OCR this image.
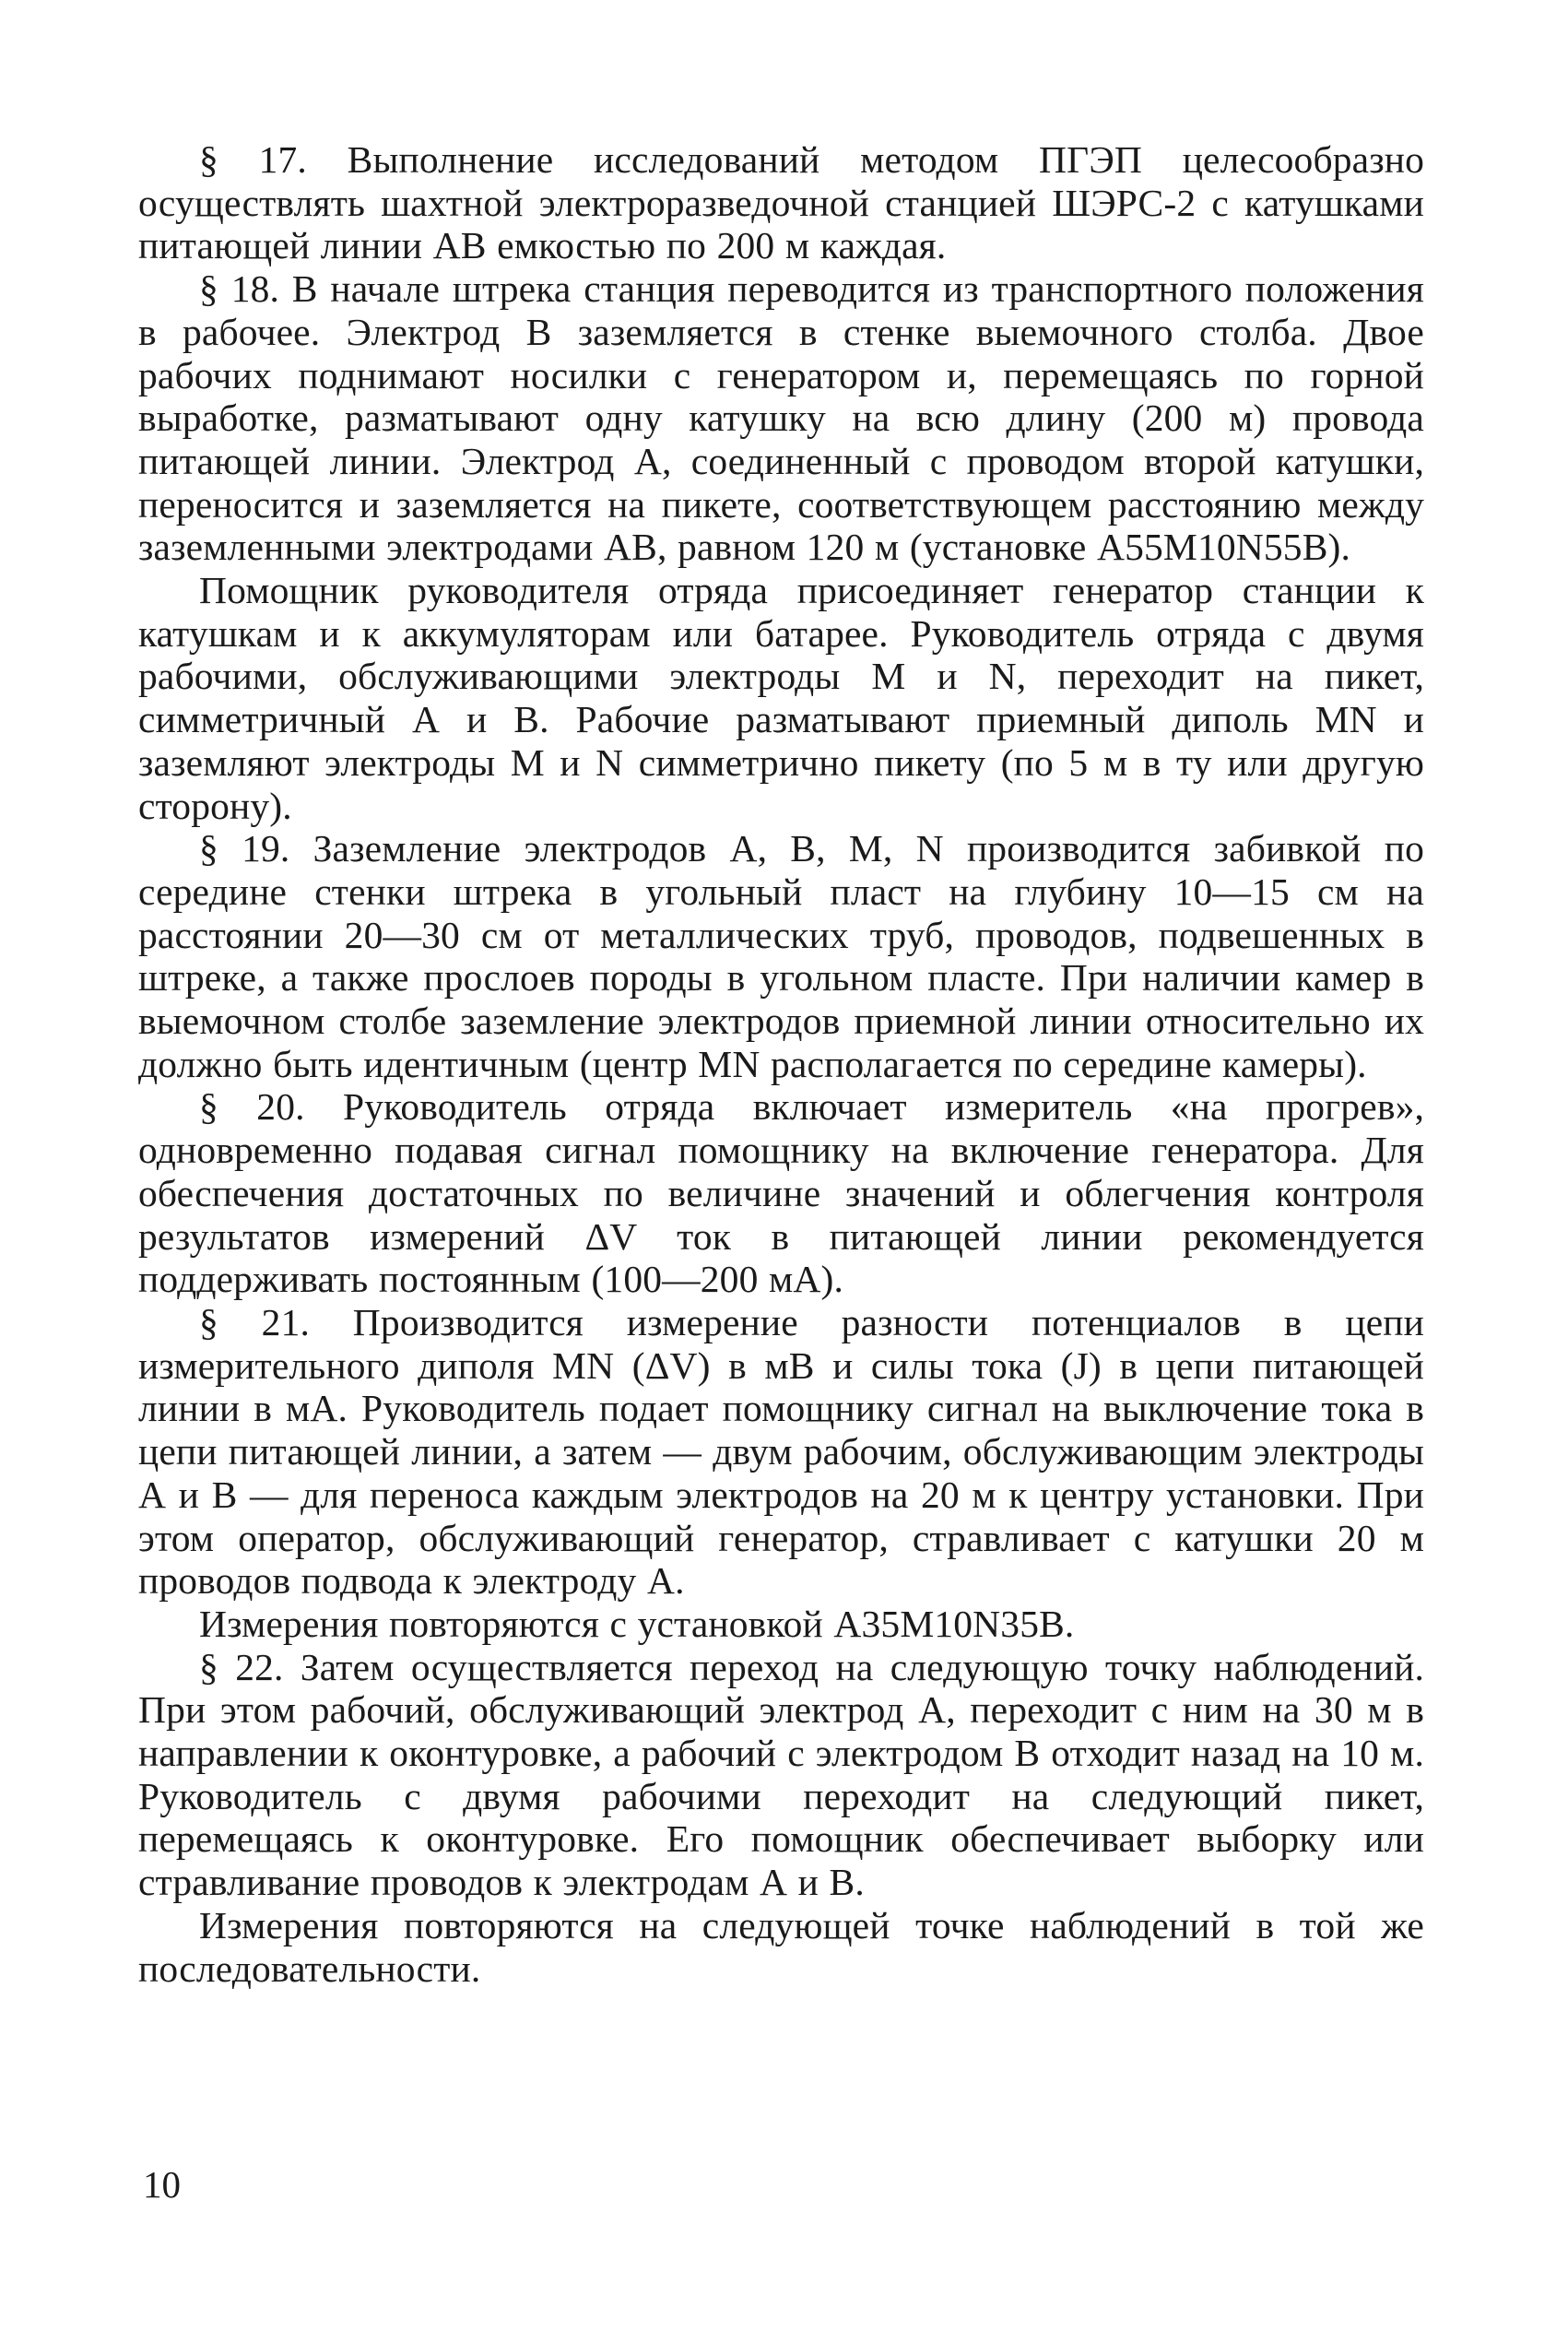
§ 17. Выполнение исследований методом ПГЭП целесообразно осуществлять шахтной электроразведочной станцией ШЭРС-2 с катушками питающей линии АВ емкостью по 200 м каждая.

§ 18. В начале штрека станция переводится из транспортного положения в рабочее. Электрод В заземляется в стенке выемочного столба. Двое рабочих поднимают носилки с генератором и, перемещаясь по горной выработке, разматывают одну катушку на всю длину (200 м) провода питающей линии. Электрод А, соединенный с проводом второй катушки, переносится и заземляется на пикете, соответствующем расстоянию между заземленными электродами АВ, равном 120 м (установке A55M10N55B).

Помощник руководителя отряда присоединяет генератор станции к катушкам и к аккумуляторам или батарее. Руководитель отряда с двумя рабочими, обслуживающими электроды М и N, переходит на пикет, симметричный А и В. Рабочие разматывают приемный диполь MN и заземляют электроды М и N симметрично пикету (по 5 м в ту или другую сторону).

§ 19. Заземление электродов А, В, М, N производится забивкой по середине стенки штрека в угольный пласт на глубину 10—15 см на расстоянии 20—30 см от металлических труб, проводов, подвешенных в штреке, а также прослоев породы в угольном пласте. При наличии камер в выемочном столбе заземление электродов приемной линии относительно их должно быть идентичным (центр MN располагается по середине камеры).

§ 20. Руководитель отряда включает измеритель «на прогрев», одновременно подавая сигнал помощнику на включение генератора. Для обеспечения достаточных по величине значений и облегчения контроля результатов измерений ΔV ток в питающей линии рекомендуется поддерживать постоянным (100—200 мА).

§ 21. Производится измерение разности потенциалов в цепи измерительного диполя MN (ΔV) в мВ и силы тока (J) в цепи питающей линии в мА. Руководитель подает помощнику сигнал на выключение тока в цепи питающей линии, а затем — двум рабочим, обслуживающим электроды А и В — для переноса каждым электродов на 20 м к центру установки. При этом оператор, обслуживающий генератор, стравливает с катушки 20 м проводов подвода к электроду А.

Измерения повторяются с установкой A35M10N35B.

§ 22. Затем осуществляется переход на следующую точку наблюдений. При этом рабочий, обслуживающий электрод А, переходит с ним на 30 м в направлении к оконтуровке, а рабочий с электродом В отходит назад на 10 м. Руководитель с двумя рабочими переходит на следующий пикет, перемещаясь к оконтуровке. Его помощник обеспечивает выборку или стравливание проводов к электродам А и В.

Измерения повторяются на следующей точке наблюдений в той же последовательности.

10
